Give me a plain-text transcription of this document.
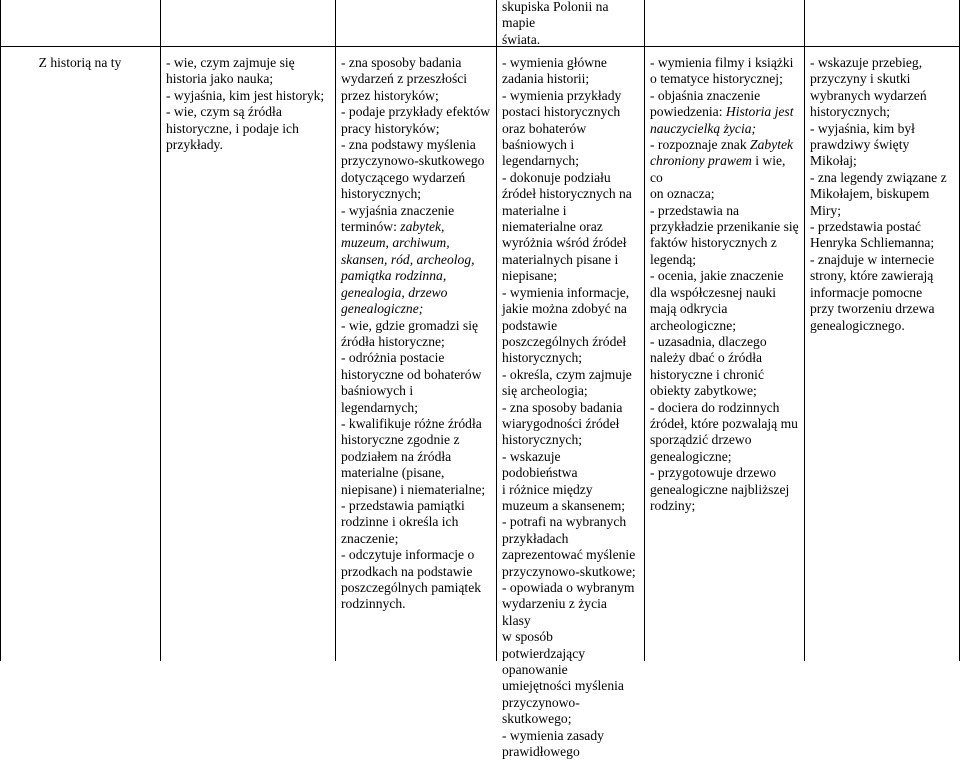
skupiska Polonii na mapie
świata.
Z historią na ty	- wie, czym zajmuje się
historia jako nauka;
- wyjaśnia, kim jest historyk;
- wie, czym są źródła
historyczne, i podaje ich
przykłady.
- zna sposoby badania
wydarzeń z przeszłości
przez historyków;
- podaje przykłady efektów
pracy historyków;
- zna podstawy myślenia
przyczynowo-skutkowego
dotyczącego wydarzeń
historycznych;
- wyjaśnia znaczenie
terminów: zabytek,
muzeum, archiwum,
skansen, ród, archeolog,
pamiątka rodzinna,
genealogia, drzewo
genealogiczne;
- wie, gdzie gromadzi się
źródła historyczne;
- odróżnia postacie
historyczne od bohaterów
baśniowych i
legendarnych;
- kwalifikuje różne źródła
historyczne zgodnie z
podziałem na źródła
materialne (pisane,
niepisane) i niematerialne;
- przedstawia pamiątki
rodzinne i określa ich
znaczenie;
- odczytuje informacje o
przodkach na podstawie
poszczególnych pamiątek
rodzinnych.
- wymienia główne
zadania historii;
- wymienia przykłady
postaci historycznych
oraz bohaterów
baśniowych i
legendarnych;
- dokonuje podziału
źródeł historycznych na
materialne i
niematerialne oraz
wyróżnia wśród źródeł
materialnych pisane i
niepisane;
- wymienia informacje,
jakie można zdobyć na
podstawie
poszczególnych źródeł
historycznych;
- określa, czym zajmuje
się archeologia;
- zna sposoby badania
wiarygodności źródeł
historycznych;
- wskazuje podobieństwa
i różnice między
muzeum a skansenem;
- potrafi na wybranych
przykładach
zaprezentować myślenie
przyczynowo-skutkowe;
- opowiada o wybranym
wydarzeniu z życia klasy
w sposób potwierdzający
opanowanie
umiejętności myślenia
przyczynowo-
skutkowego;
- wymienia zasady
prawidłowego
- wymienia filmy i książki
o tematyce historycznej;
- objaśnia znaczenie
powiedzenia: Historia jest
nauczycielką życia;
- rozpoznaje znak Zabytek
chroniony prawem i wie, co
on oznacza;
- przedstawia na
przykładzie przenikanie się
faktów historycznych z
legendą;
- ocenia, jakie znaczenie
dla współczesnej nauki
mają odkrycia
archeologiczne;
- uzasadnia, dlaczego
należy dbać o źródła
historyczne i chronić
obiekty zabytkowe;
- dociera do rodzinnych
źródeł, które pozwalają mu
sporządzić drzewo
genealogiczne;
- przygotowuje drzewo
genealogiczne najbliższej
rodziny;
- wskazuje przebieg,
przyczyny i skutki
wybranych wydarzeń
historycznych;
- wyjaśnia, kim był
prawdziwy święty
Mikołaj;
- zna legendy związane z
Mikołajem, biskupem
Miry;
- przedstawia postać
Henryka Schliemanna;
- znajduje w internecie
strony, które zawierają
informacje pomocne
przy tworzeniu drzewa
genealogicznego.
